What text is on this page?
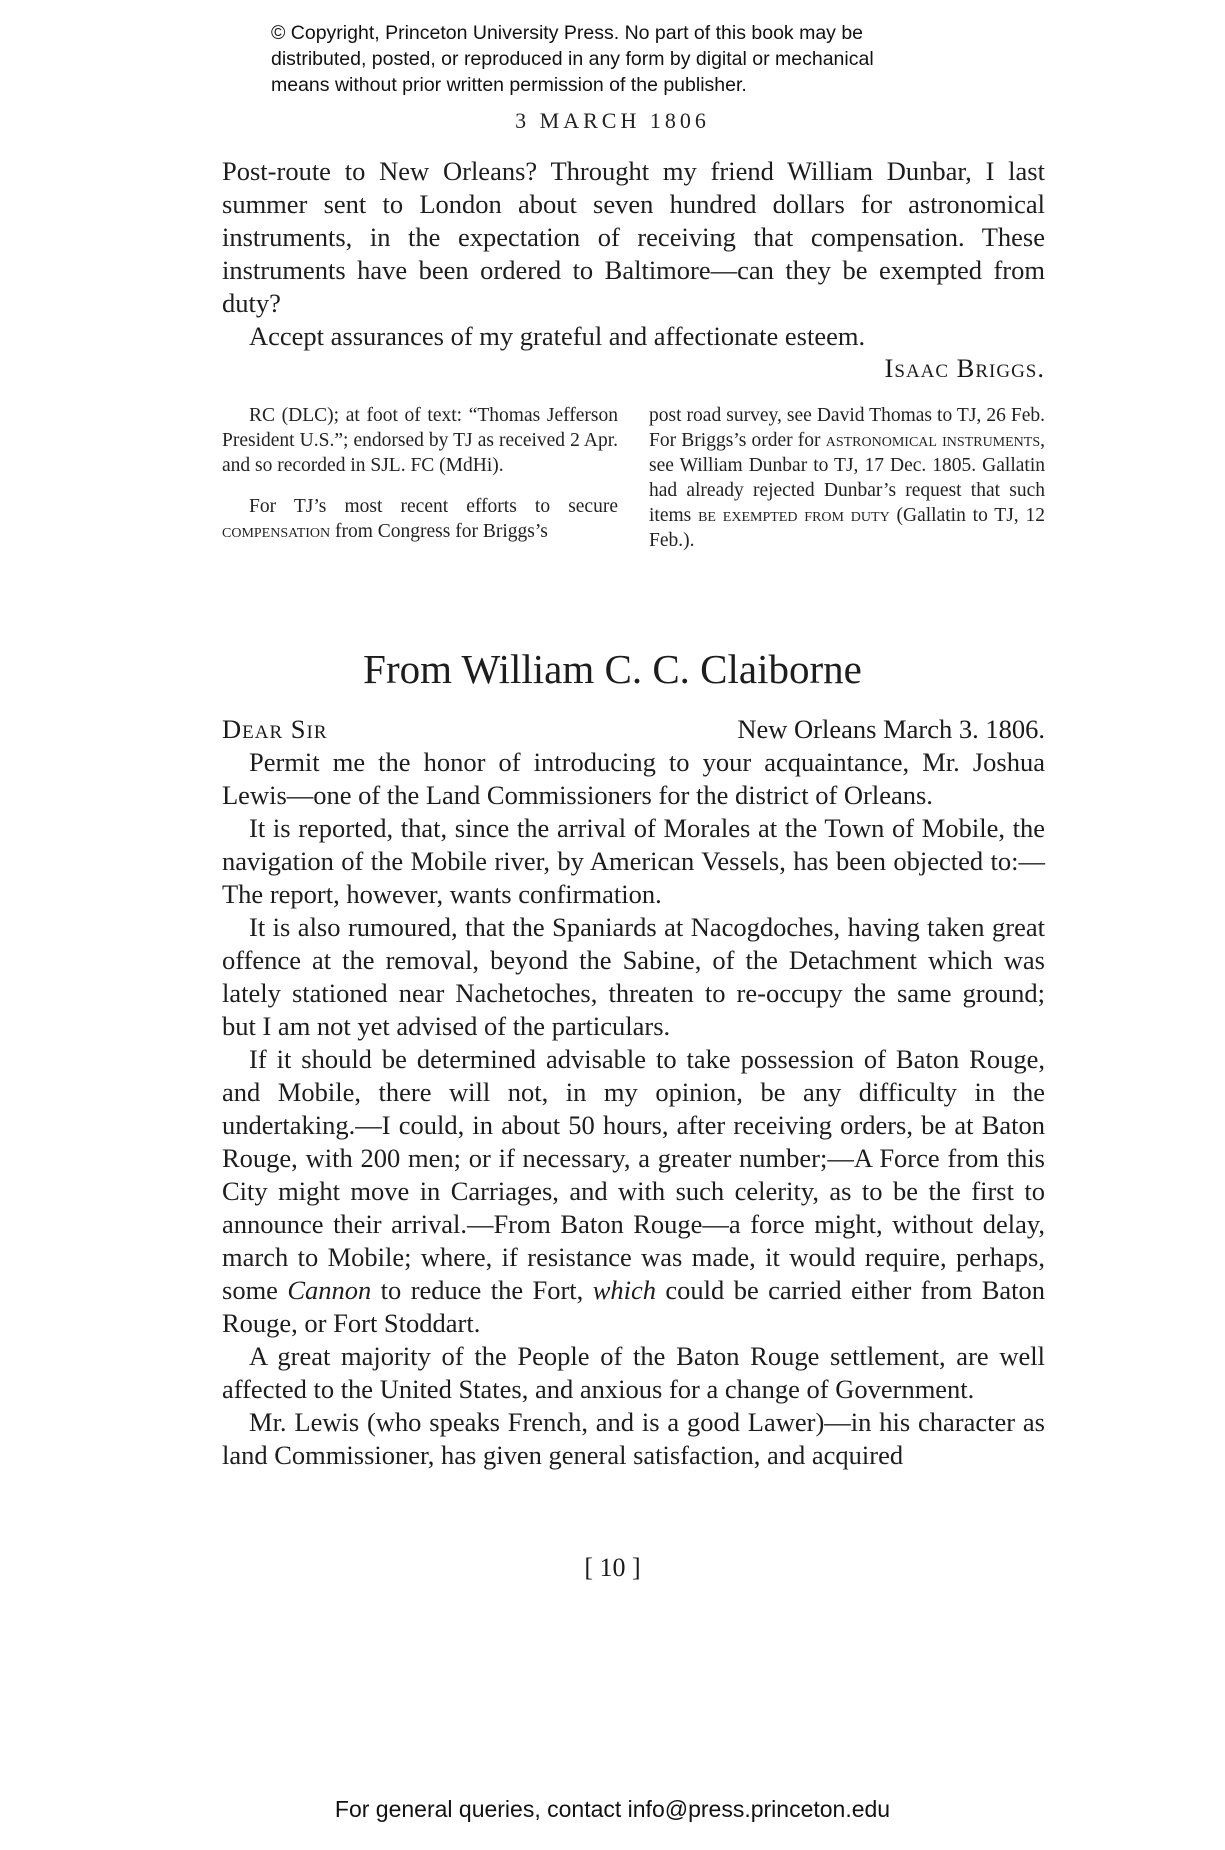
© Copyright, Princeton University Press. No part of this book may be
distributed, posted, or reproduced in any form by digital or mechanical
means without prior written permission of the publisher.
3 MARCH 1806

Post-route to New Orleans? Throught my friend William Dunbar, I last summer sent to London about seven hundred dollars for astronomical instruments, in the expectation of receiving that compensation. These instruments have been ordered to Baltimore—can they be exempted from duty?

Accept assurances of my grateful and affectionate esteem.

Isaac Briggs.

RC (DLC); at foot of text: “Thomas Jefferson President U.S.”; endorsed by TJ as received 2 Apr. and so recorded in SJL. FC (MdHi).

For TJ’s most recent efforts to secure compensation from Congress for Briggs’s

post road survey, see David Thomas to TJ, 26 Feb. For Briggs’s order for astronomical instruments, see William Dunbar to TJ, 17 Dec. 1805. Gallatin had already rejected Dunbar’s request that such items be exempted from duty (Gallatin to TJ, 12 Feb.).

From William C. C. Claiborne
Dear Sir	New Orleans March 3. 1806.

Permit me the honor of introducing to your acquaintance, Mr. Joshua Lewis—one of the Land Commissioners for the district of Orleans.

It is reported, that, since the arrival of Morales at the Town of Mobile, the navigation of the Mobile river, by American Vessels, has been objected to:—The report, however, wants confirmation.

It is also rumoured, that the Spaniards at Nacogdoches, having taken great offence at the removal, beyond the Sabine, of the Detachment which was lately stationed near Nachetoches, threaten to re-occupy the same ground; but I am not yet advised of the particulars.

If it should be determined advisable to take possession of Baton Rouge, and Mobile, there will not, in my opinion, be any difficulty in the undertaking.—I could, in about 50 hours, after receiving orders, be at Baton Rouge, with 200 men; or if necessary, a greater number;—A Force from this City might move in Carriages, and with such celerity, as to be the first to announce their arrival.—From Baton Rouge—a force might, without delay, march to Mobile; where, if resistance was made, it would require, perhaps, some Cannon to reduce the Fort, which could be carried either from Baton Rouge, or Fort Stoddart.

A great majority of the People of the Baton Rouge settlement, are well affected to the United States, and anxious for a change of Government.

Mr. Lewis (who speaks French, and is a good Lawer)—in his character as land Commissioner, has given general satisfaction, and acquired

[ 10 ]
For general queries, contact info@press.princeton.edu
